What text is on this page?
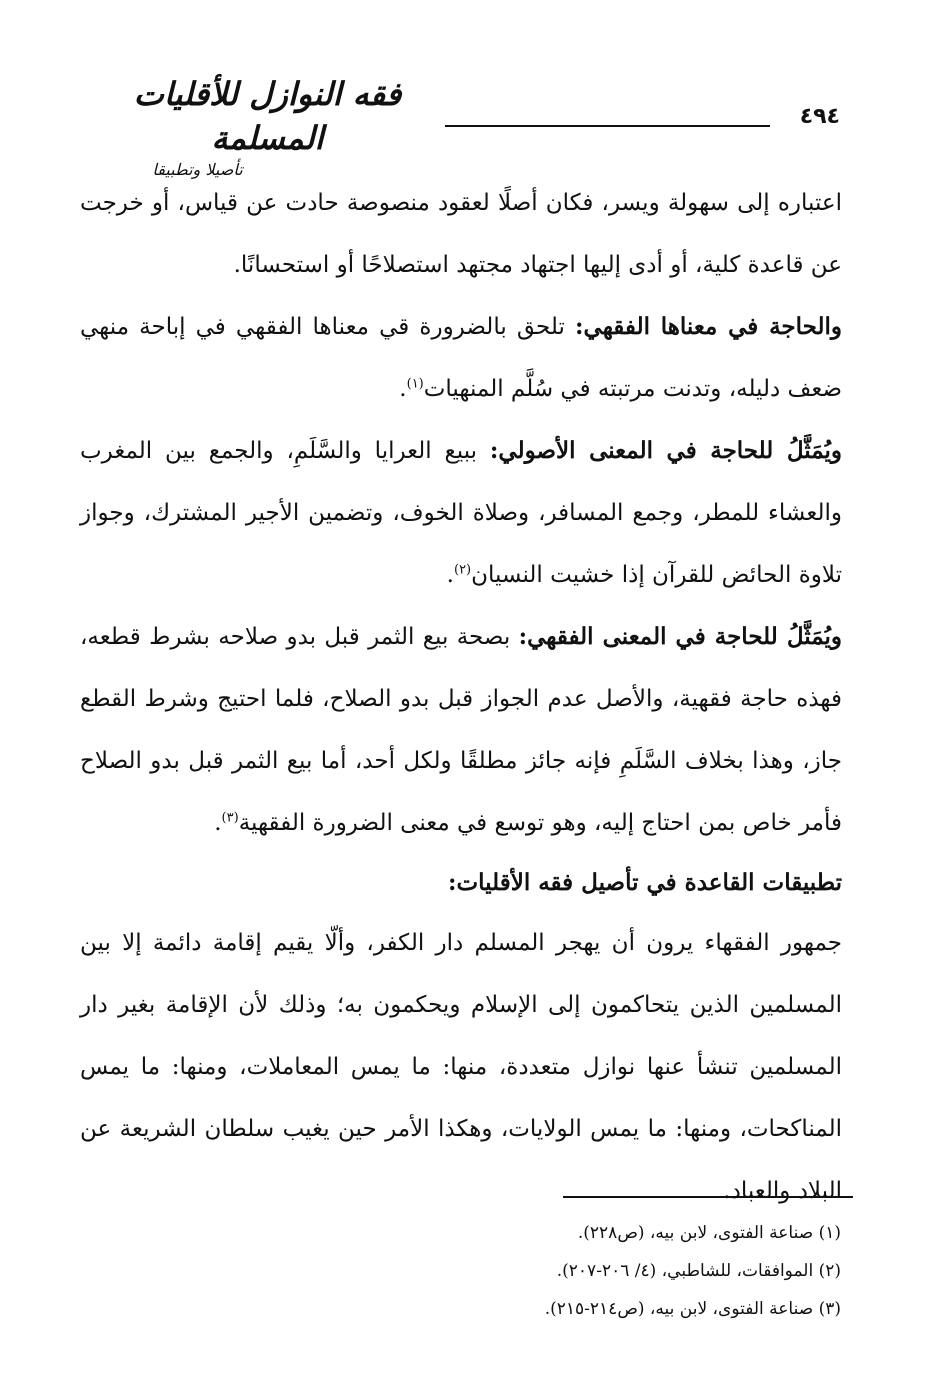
٤٩٤
فقه النوازل للأقليات المسلمة
تأصيلا وتطبيقا

اعتباره إلى سهولة ويسر، فكان أصلًا لعقود منصوصة حادت عن قياس، أو خرجت عن قاعدة كلية، أو أدى إليها اجتهاد مجتهد استصلاحًا أو استحسانًا.

والحاجة في معناها الفقهي: تلحق بالضرورة قي معناها الفقهي في إباحة منهي ضعف دليله، وتدنت مرتبته في سُلَّم المنهيات$^{(١)}$.

ويُمَثَّلُ للحاجة في المعنى الأصولي: ببيع العرايا والسَّلَمِ، والجمع بين المغرب والعشاء للمطر، وجمع المسافر، وصلاة الخوف، وتضمين الأجير المشترك، وجواز تلاوة الحائض للقرآن إذا خشيت النسيان$^{(٢)}$.

ويُمَثَّلُ للحاجة في المعنى الفقهي: بصحة بيع الثمر قبل بدو صلاحه بشرط قطعه، فهذه حاجة فقهية، والأصل عدم الجواز قبل بدو الصلاح، فلما احتيج وشرط القطع جاز، وهذا بخلاف السَّلَمِ فإنه جائز مطلقًا ولكل أحد، أما بيع الثمر قبل بدو الصلاح فأمر خاص بمن احتاج إليه، وهو توسع في معنى الضرورة الفقهية$^{(٣)}$.

تطبيقات القاعدة في تأصيل فقه الأقليات:

جمهور الفقهاء يرون أن يهجر المسلم دار الكفر، وألّا يقيم إقامة دائمة إلا بين المسلمين الذين يتحاكمون إلى الإسلام ويحكمون به؛ وذلك لأن الإقامة بغير دار المسلمين تنشأ عنها نوازل متعددة، منها: ما يمس المعاملات، ومنها: ما يمس المناكحات، ومنها: ما يمس الولايات، وهكذا الأمر حين يغيب سلطان الشريعة عن البلاد والعباد.

(١) صناعة الفتوى، لابن بيه، (ص٢٢٨).
(٢) الموافقات، للشاطبي، (٤/ ٢٠٦-٢٠٧).
(٣) صناعة الفتوى، لابن بيه، (ص٢١٤-٢١٥).
